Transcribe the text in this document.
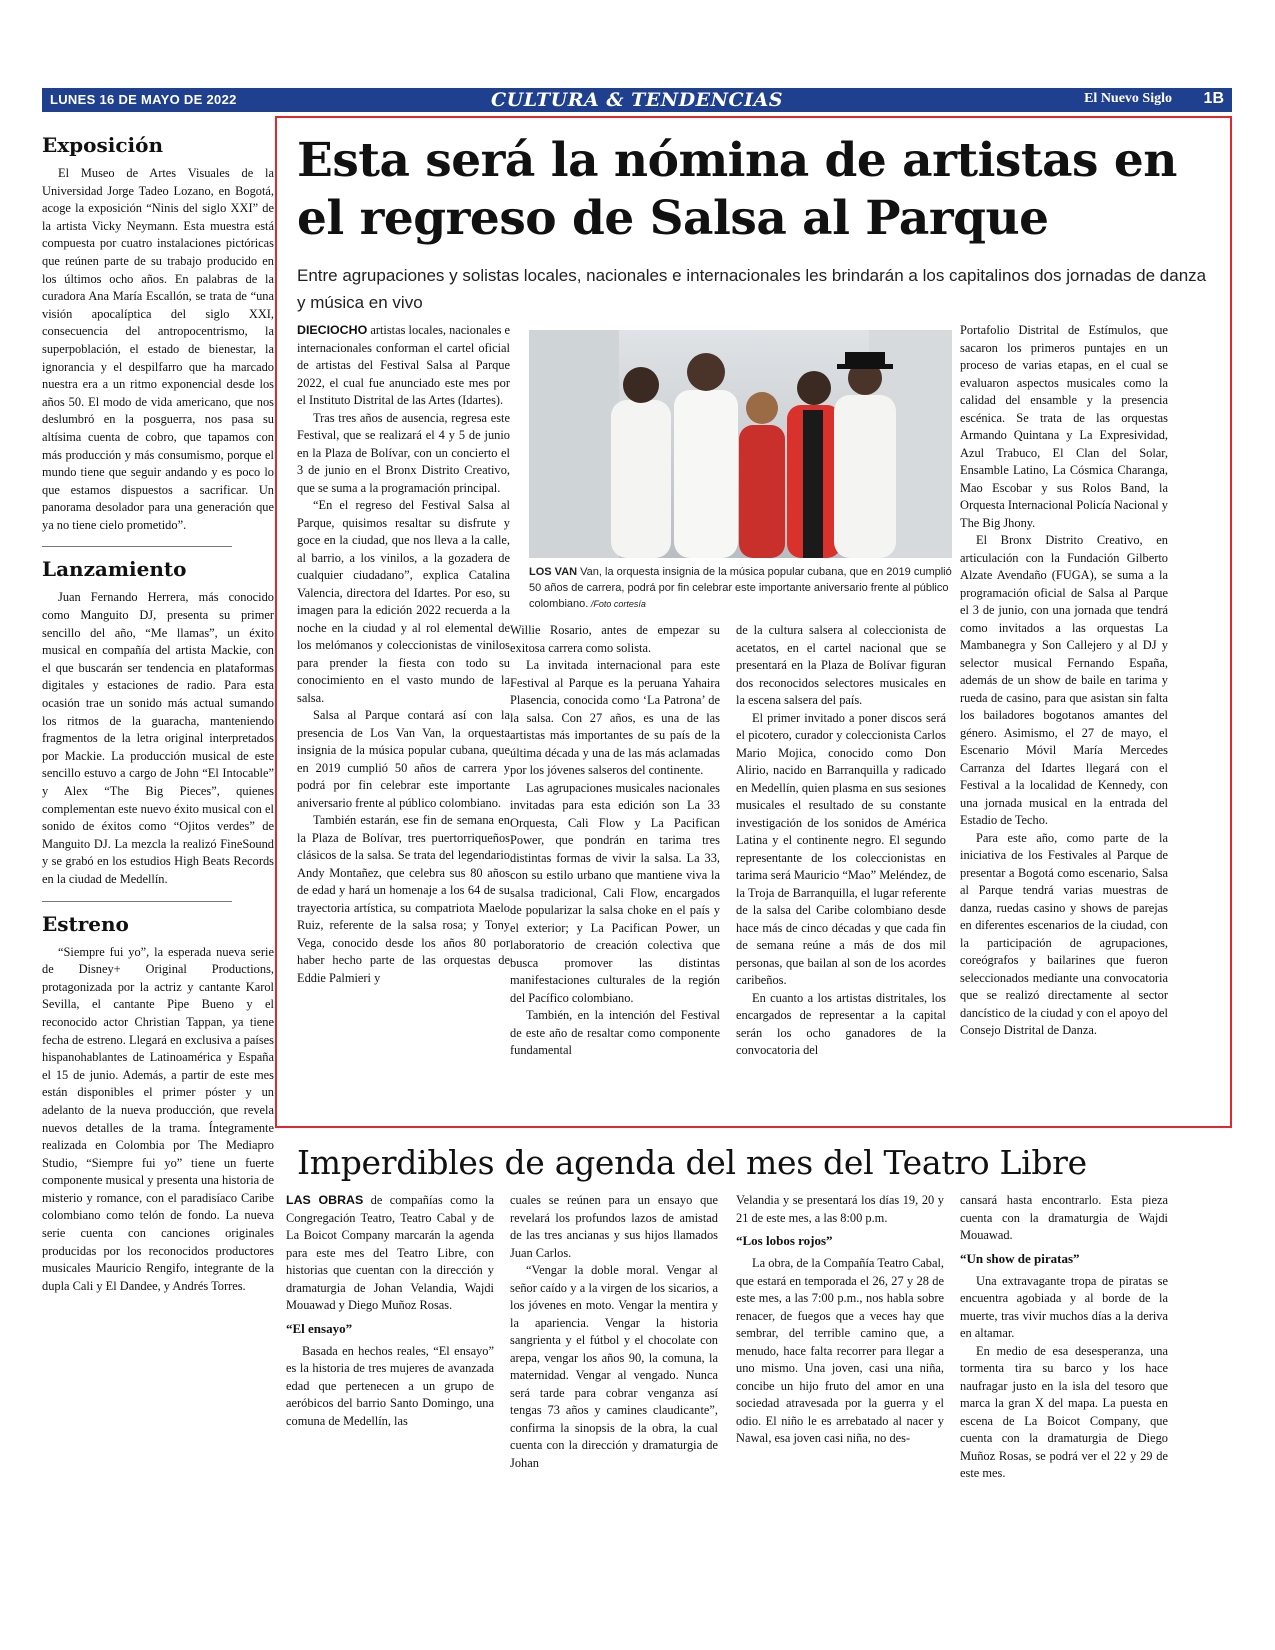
LUNES 16 DE MAYO DE 2022	CULTURA & TENDENCIAS	El Nuevo Siglo 1B
Exposición

El Museo de Artes Visuales de la Universidad Jorge Tadeo Lozano, en Bogotá, acoge la exposición “Ninis del siglo XXI” de la artista Vicky Neymann. Esta muestra está compuesta por cuatro instalaciones pictóricas que reúnen parte de su trabajo producido en los últimos ocho años. En palabras de la curadora Ana María Escallón, se trata de “una visión apocalíptica del siglo XXI, consecuencia del antropocentrismo, la superpoblación, el estado de bienestar, la ignorancia y el despilfarro que ha marcado nuestra era a un ritmo exponencial desde los años 50. El modo de vida americano, que nos deslumbró en la posguerra, nos pasa su altísima cuenta de cobro, que tapamos con más producción y más consumismo, porque el mundo tiene que seguir andando y es poco lo que estamos dispuestos a sacrificar. Un panorama desolador para una generación que ya no tiene cielo prometido”.

Lanzamiento

Juan Fernando Herrera, más conocido como Manguito DJ, presenta su primer sencillo del año, “Me llamas”, un éxito musical en compañía del artista Mackie, con el que buscarán ser tendencia en plataformas digitales y estaciones de radio. Para esta ocasión trae un sonido más actual sumando los ritmos de la guaracha, manteniendo fragmentos de la letra original interpretados por Mackie. La producción musical de este sencillo estuvo a cargo de John “El Intocable” y Alex “The Big Pieces”, quienes complementan este nuevo éxito musical con el sonido de éxitos como “Ojitos verdes” de Manguito DJ. La mezcla la realizó FineSound y se grabó en los estudios High Beats Records en la ciudad de Medellín.

Estreno

“Siempre fui yo”, la esperada nueva serie de Disney+ Original Productions, protagonizada por la actriz y cantante Karol Sevilla, el cantante Pipe Bueno y el reconocido actor Christian Tappan, ya tiene fecha de estreno. Llegará en exclusiva a países hispanohablantes de Latinoamérica y España el 15 de junio. Además, a partir de este mes están disponibles el primer póster y un adelanto de la nueva producción, que revela nuevos detalles de la trama. Íntegramente realizada en Colombia por The Mediapro Studio, “Siempre fui yo” tiene un fuerte componente musical y presenta una historia de misterio y romance, con el paradisíaco Caribe colombiano como telón de fondo. La nueva serie cuenta con canciones originales producidas por los reconocidos productores musicales Mauricio Rengifo, integrante de la dupla Cali y El Dandee, y Andrés Torres.

Esta será la nómina de artistas en el regreso de Salsa al Parque

Entre agrupaciones y solistas locales, nacionales e internacionales les brindarán a los capitalinos dos jornadas de danza y música en vivo

DIECIOCHO artistas locales, nacionales e internacionales conforman el cartel oficial de artistas del Festival Salsa al Parque 2022, el cual fue anunciado este mes por el Instituto Distrital de las Artes (Idartes).

Tras tres años de ausencia, regresa este Festival, que se realizará el 4 y 5 de junio en la Plaza de Bolívar, con un concierto el 3 de junio en el Bronx Distrito Creativo, que se suma a la programación principal.

“En el regreso del Festival Salsa al Parque, quisimos resaltar su disfrute y goce en la ciudad, que nos lleva a la calle, al barrio, a los vinilos, a la gozadera de cualquier ciudadano”, explica Catalina Valencia, directora del Idartes. Por eso, su imagen para la edición 2022 recuerda a la noche en la ciudad y al rol elemental de los melómanos y coleccionistas de vinilos para prender la fiesta con todo su conocimiento en el vasto mundo de la salsa.

Salsa al Parque contará así con la presencia de Los Van Van, la orquesta insignia de la música popular cubana, que en 2019 cumplió 50 años de carrera y podrá por fin celebrar este importante aniversario frente al público colombiano.

También estarán, ese fin de semana en la Plaza de Bolívar, tres puertorriqueños clásicos de la salsa. Se trata del legendario Andy Montañez, que celebra sus 80 años de edad y hará un homenaje a los 64 de su trayectoria artística, su compatriota Maelo Ruiz, referente de la salsa rosa; y Tony Vega, conocido desde los años 80 por haber hecho parte de las orquestas de Eddie Palmieri y

LOS VAN Van, la orquesta insignia de la música popular cubana, que en 2019 cumplió 50 años de carrera, podrá por fin celebrar este importante aniversario frente al público colombiano. /Foto cortesía

Willie Rosario, antes de empezar su exitosa carrera como solista.

La invitada internacional para este Festival al Parque es la peruana Yahaira Plasencia, conocida como ‘La Patrona’ de la salsa. Con 27 años, es una de las artistas más importantes de su país de la última década y una de las más aclamadas por los jóvenes salseros del continente.

Las agrupaciones musicales nacionales invitadas para esta edición son La 33 Orquesta, Cali Flow y La Pacifican Power, que pondrán en tarima tres distintas formas de vivir la salsa. La 33, con su estilo urbano que mantiene viva la salsa tradicional, Cali Flow, encargados de popularizar la salsa choke en el país y el exterior; y La Pacifican Power, un laboratorio de creación colectiva que busca promover las distintas manifestaciones culturales de la región del Pacífico colombiano.

También, en la intención del Festival de este año de resaltar como componente fundamental

de la cultura salsera al coleccionista de acetatos, en el cartel nacional que se presentará en la Plaza de Bolívar figuran dos reconocidos selectores musicales en la escena salsera del país.

El primer invitado a poner discos será el picotero, curador y coleccionista Carlos Mario Mojica, conocido como Don Alirio, nacido en Barranquilla y radicado en Medellín, quien plasma en sus sesiones musicales el resultado de su constante investigación de los sonidos de América Latina y el continente negro. El segundo representante de los coleccionistas en tarima será Mauricio “Mao” Meléndez, de la Troja de Barranquilla, el lugar referente de la salsa del Caribe colombiano desde hace más de cinco décadas y que cada fin de semana reúne a más de dos mil personas, que bailan al son de los acordes caribeños.

En cuanto a los artistas distritales, los encargados de representar a la capital serán los ocho ganadores de la convocatoria del

Portafolio Distrital de Estímulos, que sacaron los primeros puntajes en un proceso de varias etapas, en el cual se evaluaron aspectos musicales como la calidad del ensamble y la presencia escénica. Se trata de las orquestas Armando Quintana y La Expresividad, Azul Trabuco, El Clan del Solar, Ensamble Latino, La Cósmica Charanga, Mao Escobar y sus Rolos Band, la Orquesta Internacional Policía Nacional y The Big Jhony.

El Bronx Distrito Creativo, en articulación con la Fundación Gilberto Alzate Avendaño (FUGA), se suma a la programación oficial de Salsa al Parque el 3 de junio, con una jornada que tendrá como invitados a las orquestas La Mambanegra y Son Callejero y al DJ y selector musical Fernando España, además de un show de baile en tarima y rueda de casino, para que asistan sin falta los bailadores bogotanos amantes del género. Asimismo, el 27 de mayo, el Escenario Móvil María Mercedes Carranza del Idartes llegará con el Festival a la localidad de Kennedy, con una jornada musical en la entrada del Estadio de Techo.

Para este año, como parte de la iniciativa de los Festivales al Parque de presentar a Bogotá como escenario, Salsa al Parque tendrá varias muestras de danza, ruedas casino y shows de parejas en diferentes escenarios de la ciudad, con la participación de agrupaciones, coreógrafos y bailarines que fueron seleccionados mediante una convocatoria que se realizó directamente al sector dancístico de la ciudad y con el apoyo del Consejo Distrital de Danza.

Imperdibles de agenda del mes del Teatro Libre

LAS OBRAS de compañías como la Congregación Teatro, Teatro Cabal y de La Boicot Company marcarán la agenda para este mes del Teatro Libre, con historias que cuentan con la dirección y dramaturgia de Johan Velandia, Wajdi Mouawad y Diego Muñoz Rosas.

“El ensayo”

Basada en hechos reales, “El ensayo” es la historia de tres mujeres de avanzada edad que pertenecen a un grupo de aeróbicos del barrio Santo Domingo, una comuna de Medellín, las

cuales se reúnen para un ensayo que revelará los profundos lazos de amistad de las tres ancianas y sus hijos llamados Juan Carlos.

“Vengar la doble moral. Vengar al señor caído y a la virgen de los sicarios, a los jóvenes en moto. Vengar la mentira y la apariencia. Vengar la historia sangrienta y el fútbol y el chocolate con arepa, vengar los años 90, la comuna, la maternidad. Vengar al vengado. Nunca será tarde para cobrar venganza así tengas 73 años y camines claudicante”, confirma la sinopsis de la obra, la cual cuenta con la dirección y dramaturgia de Johan

Velandia y se presentará los días 19, 20 y 21 de este mes, a las 8:00 p.m.

“Los lobos rojos”

La obra, de la Compañía Teatro Cabal, que estará en temporada el 26, 27 y 28 de este mes, a las 7:00 p.m., nos habla sobre renacer, de fuegos que a veces hay que sembrar, del terrible camino que, a menudo, hace falta recorrer para llegar a uno mismo. Una joven, casi una niña, concibe un hijo fruto del amor en una sociedad atravesada por la guerra y el odio. El niño le es arrebatado al nacer y Nawal, esa joven casi niña, no des-

cansará hasta encontrarlo. Esta pieza cuenta con la dramaturgia de Wajdi Mouawad.

“Un show de piratas”

Una extravagante tropa de piratas se encuentra agobiada y al borde de la muerte, tras vivir muchos días a la deriva en altamar.

En medio de esa desesperanza, una tormenta tira su barco y los hace naufragar justo en la isla del tesoro que marca la gran X del mapa. La puesta en escena de La Boicot Company, que cuenta con la dramaturgia de Diego Muñoz Rosas, se podrá ver el 22 y 29 de este mes.
